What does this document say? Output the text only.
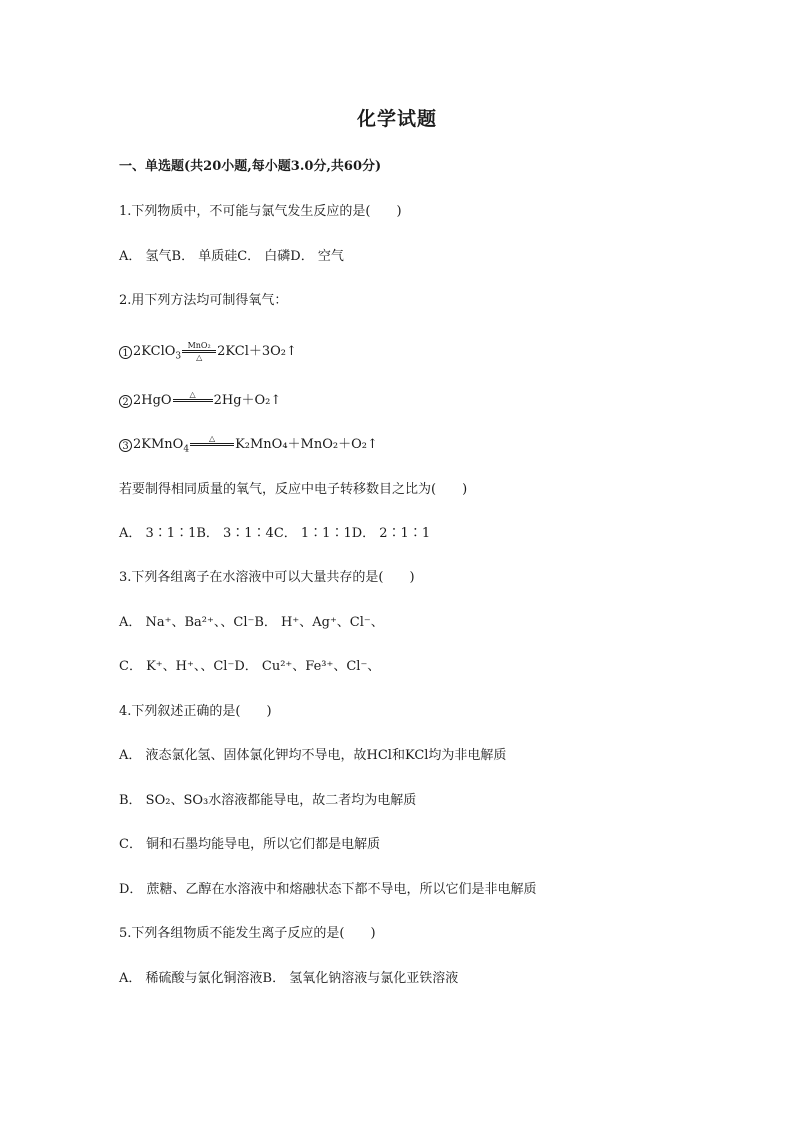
化学试题
一、单选题(共20小题,每小题3.0分,共60分)
1.下列物质中，不可能与氯气发生反应的是(　　)
A． 氢气B． 单质硅C． 白磷D． 空气
2.用下列方法均可制得氧气：
1 2KClO$_3$ $\frac{\text{MnO₂}}{\triangle}$ 2KCl＋3O₂↑
2 2HgO	△
	2Hg＋O₂↑
3 2KMnO$_4$
△
	K₂MnO₄＋MnO₂＋O₂↑
若要制得相同质量的氧气，反应中电子转移数目之比为(　　)
A． 3∶1∶1B． 3∶1∶4C． 1∶1∶1D． 2∶1∶1
3.下列各组离子在水溶液中可以大量共存的是(　　)
A． Na⁺、Ba²⁺、、Cl⁻B． H⁺、Ag⁺、Cl⁻、
C． K⁺、H⁺、、Cl⁻D． Cu²⁺、Fe³⁺、Cl⁻、
4.下列叙述正确的是(　　)
A． 液态氯化氢、固体氯化钾均不导电，故HCl和KCl均为非电解质
B． SO₂、SO₃水溶液都能导电，故二者均为电解质
C． 铜和石墨均能导电，所以它们都是电解质
D． 蔗糖、乙醇在水溶液中和熔融状态下都不导电，所以它们是非电解质
5.下列各组物质不能发生离子反应的是(　　)
A． 稀硫酸与氯化铜溶液B． 氢氧化钠溶液与氯化亚铁溶液
